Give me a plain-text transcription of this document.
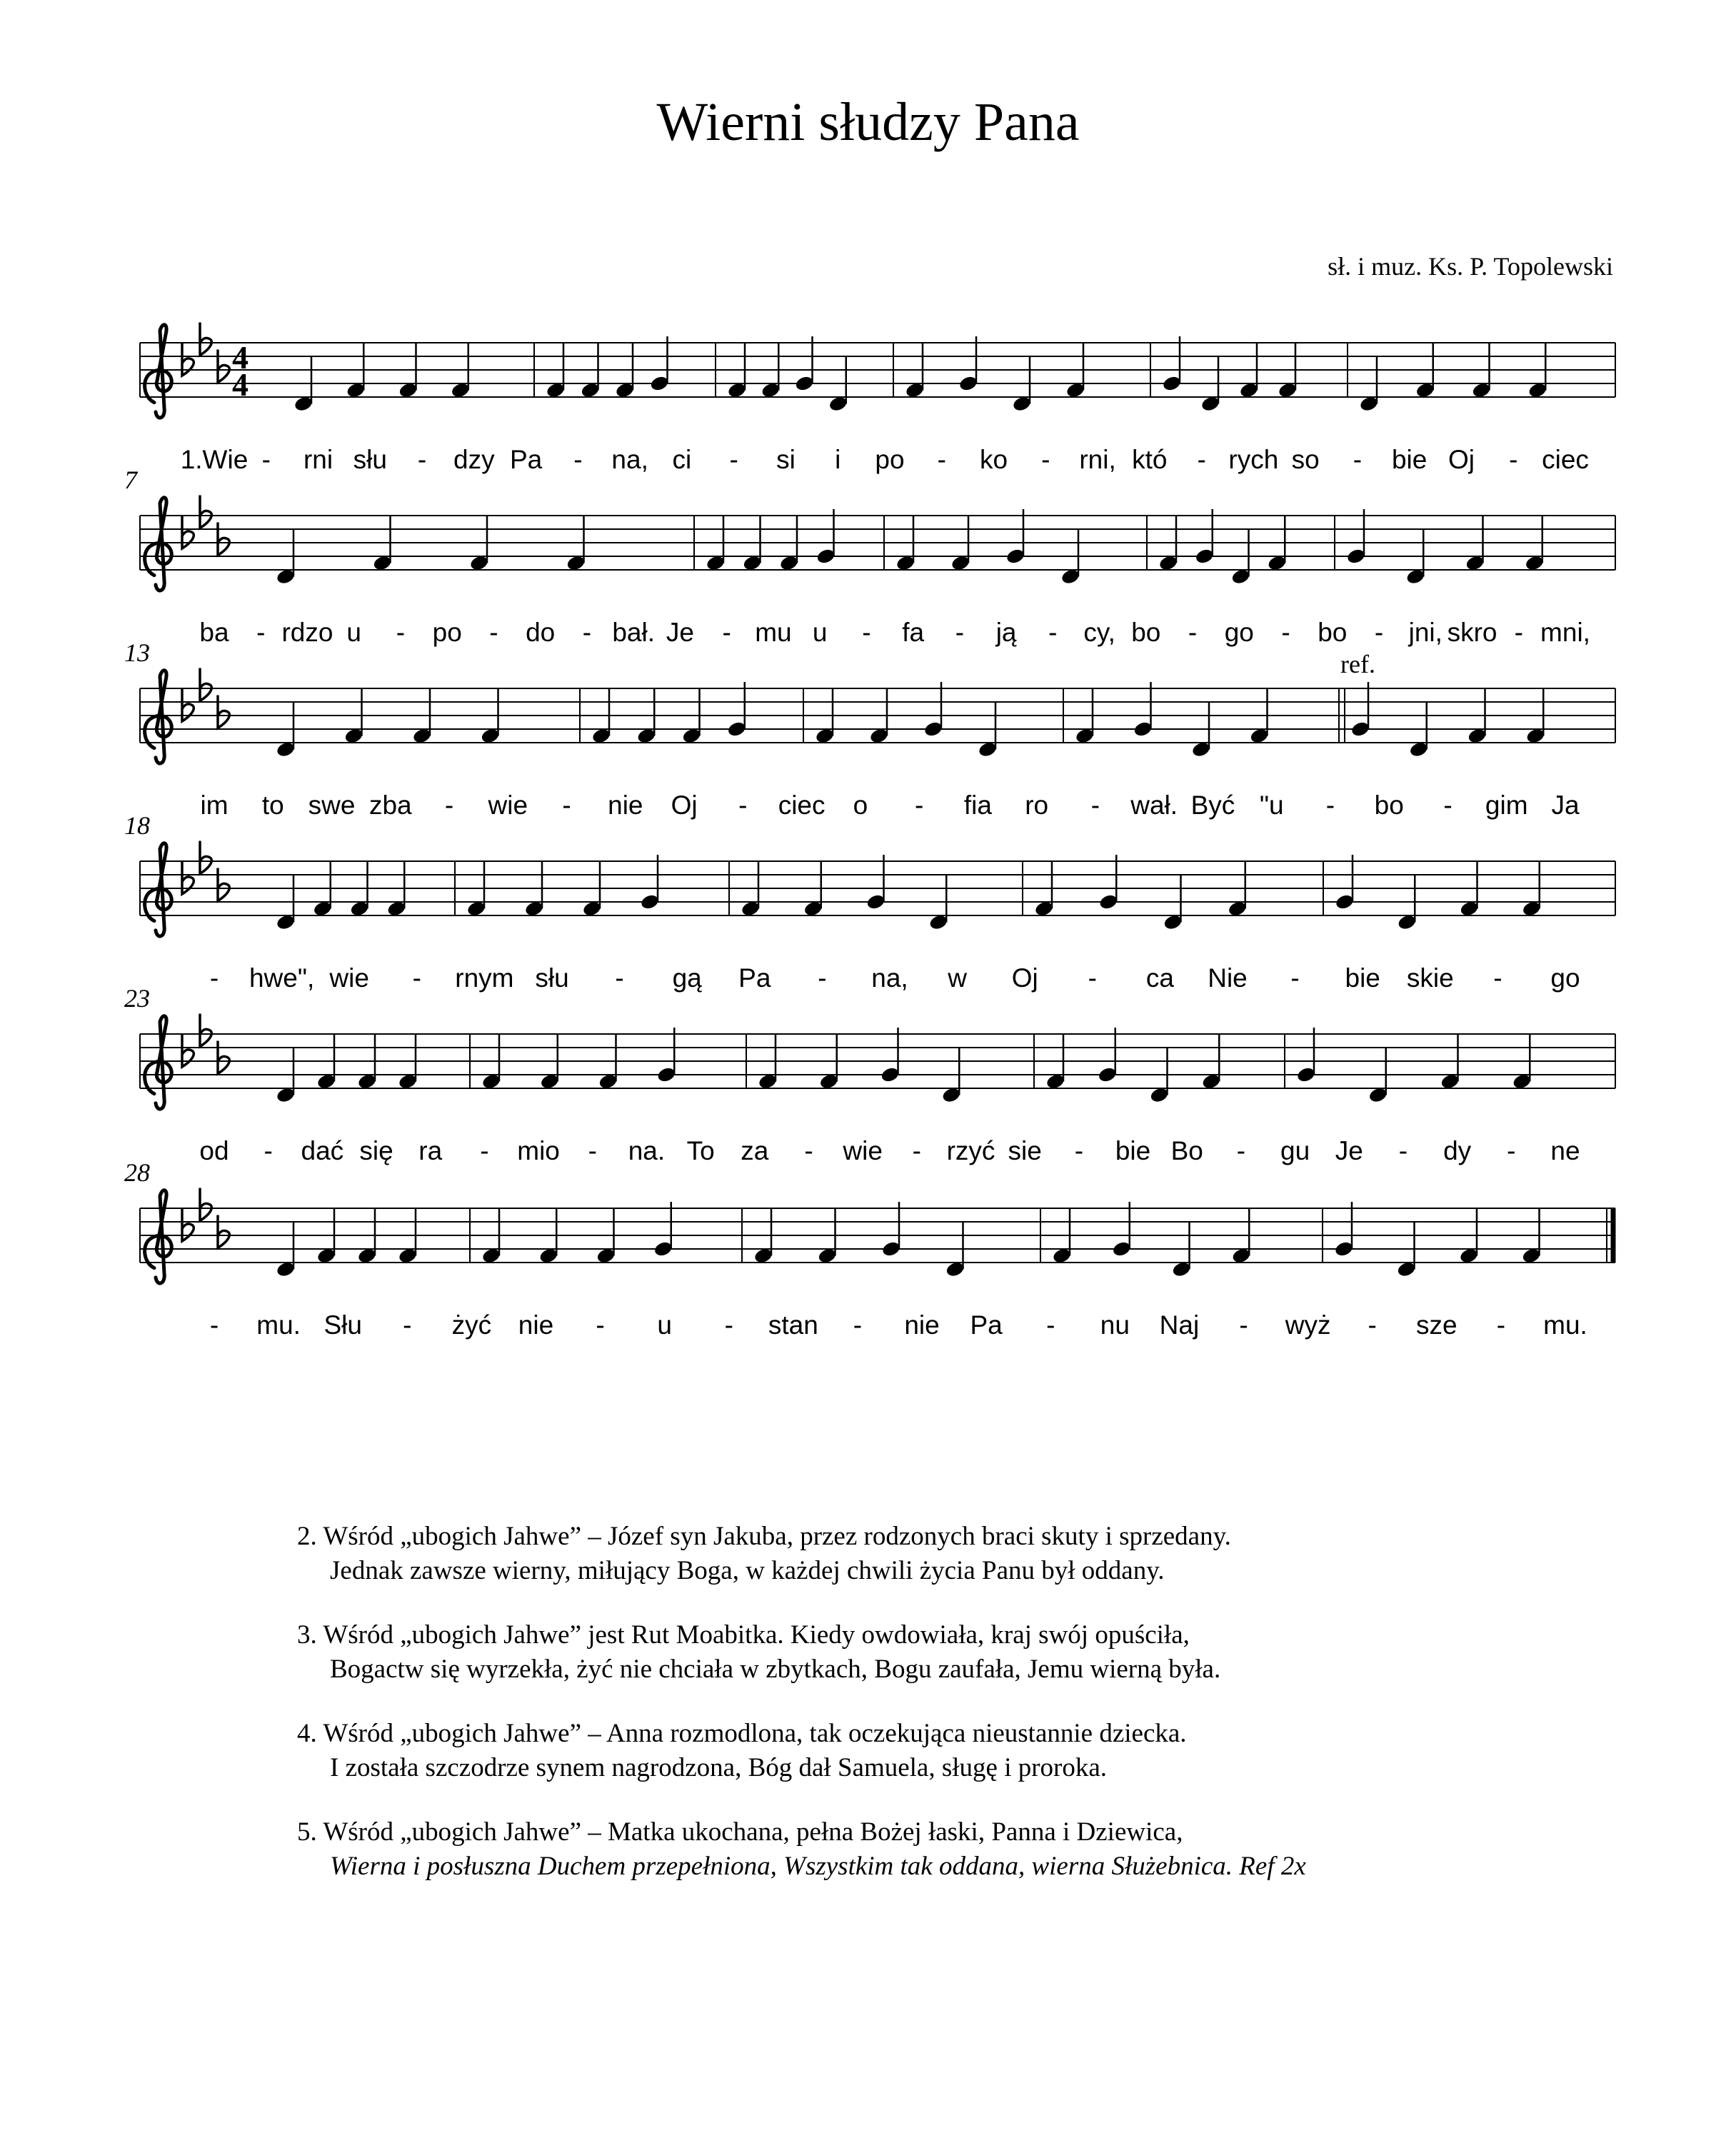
Wierni słudzy Pana
sł. i muz. Ks. P. Topolewski
4
4
1.Wie - rni słu - dzy Pa - na, ci - si i po - ko - rni, któ - rych so - bie Oj - ciec
7
ba - rdzo u - po - do - bał. Je - mu u - fa - ją - cy, bo - go - bo - jni, skro - mni,
ref.
13
im to swe zba - wie - nie Oj - ciec o - fia ro - wał. Być "u - bo - gim Ja
18
- hwe", wie - rnym słu - gą Pa - na, w Oj - ca Nie - bie skie - go
23
od - dać się ra - mio - na. To za - wie - rzyć sie - bie Bo - gu Je - dy - ne
28
- mu. Słu - żyć nie - u - stan - nie Pa - nu Naj - wyż - sze - mu.
2. Wśród „ubogich Jahwe” – Józef syn Jakuba, przez rodzonych braci skuty i sprzedany.
Jednak zawsze wierny, miłujący Boga, w każdej chwili życia Panu był oddany.
3. Wśród „ubogich Jahwe” jest Rut Moabitka. Kiedy owdowiała, kraj swój opuściła,
Bogactw się wyrzekła, żyć nie chciała w zbytkach, Bogu zaufała, Jemu wierną była.
4. Wśród „ubogich Jahwe” – Anna rozmodlona, tak oczekująca nieustannie dziecka.
I została szczodrze synem nagrodzona, Bóg dał Samuela, sługę i proroka.
5. Wśród „ubogich Jahwe” – Matka ukochana, pełna Bożej łaski, Panna i Dziewica,
Wierna i posłuszna Duchem przepełniona, Wszystkim tak oddana, wierna Służebnica. Ref 2x
